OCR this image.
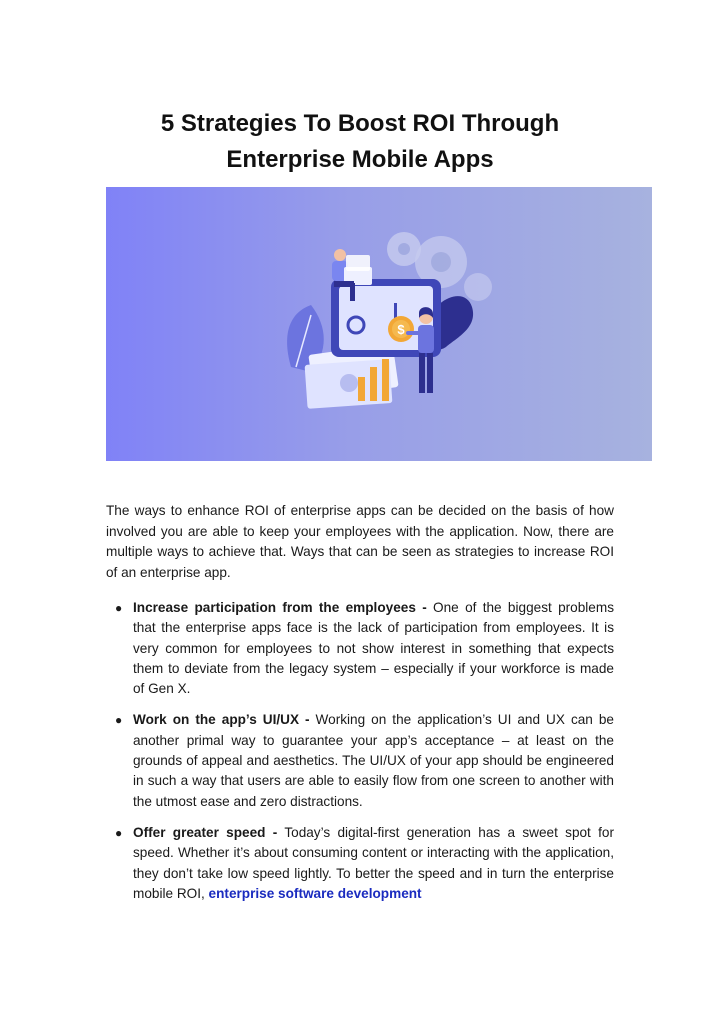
5 Strategies To Boost ROI Through
Enterprise Mobile Apps
$

The ways to enhance ROI of enterprise apps can be decided on the basis of how involved you are able to keep your employees with the application. Now, there are multiple ways to achieve that. Ways that can be seen as strategies to increase ROI of an enterprise app.

● Increase participation from the employees - One of the biggest problems that the enterprise apps face is the lack of participation from employees. It is very common for employees to not show interest in something that expects them to deviate from the legacy system – especially if your workforce is made of Gen X.
● Work on the app’s UI/UX - Working on the application’s UI and UX can be another primal way to guarantee your app’s acceptance – at least on the grounds of appeal and aesthetics. The UI/UX of your app should be engineered in such a way that users are able to easily flow from one screen to another with the utmost ease and zero distractions.
● Offer greater speed - Today’s digital-first generation has a sweet spot for speed. Whether it’s about consuming content or interacting with the application, they don’t take low speed lightly. To better the speed and in turn the enterprise mobile ROI, enterprise software development
